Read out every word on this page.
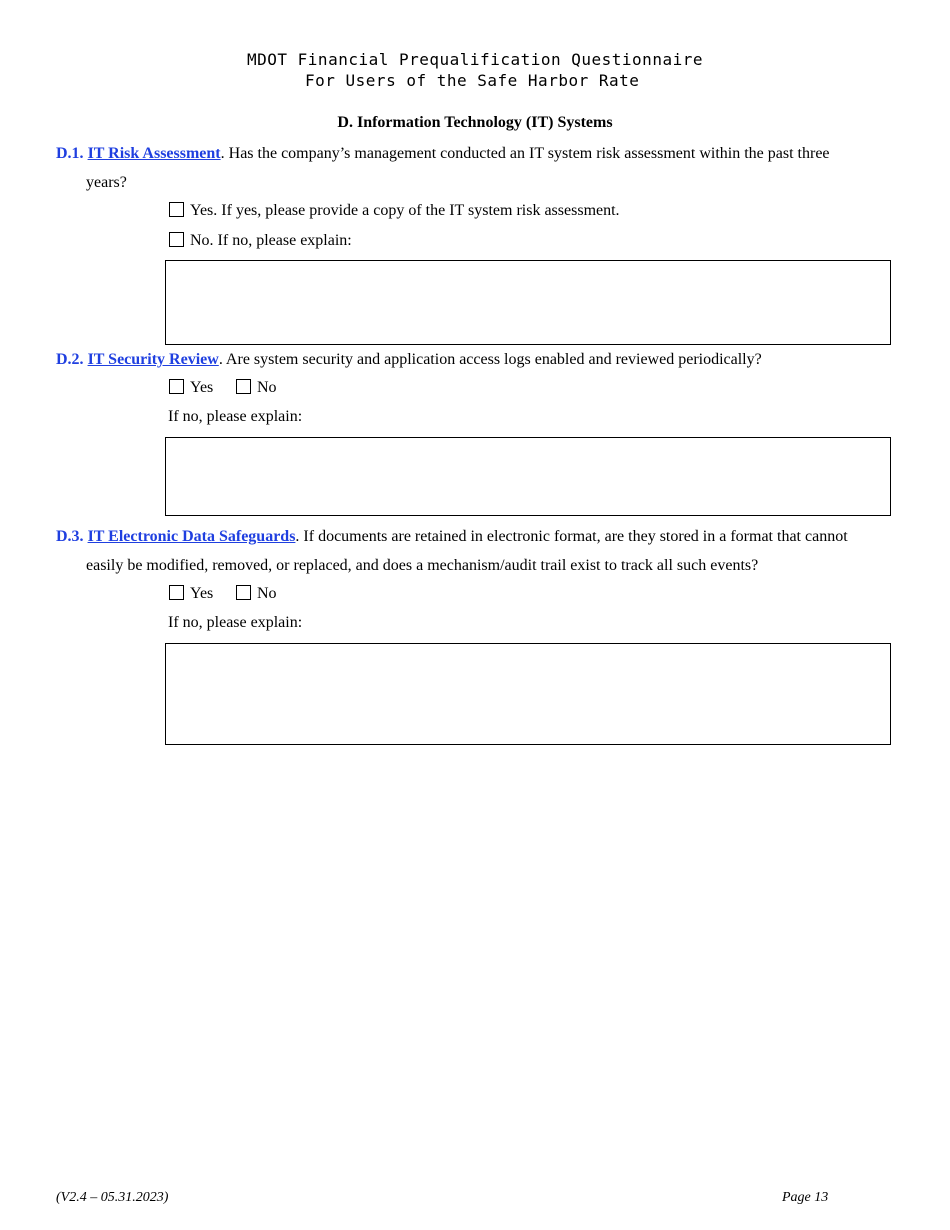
MDOT Financial Prequalification Questionnaire
For Users of the Safe Harbor Rate
D. Information Technology (IT) Systems
D.1. IT Risk Assessment. Has the company’s management conducted an IT system risk assessment within the past three
years?
Yes. If yes, please provide a copy of the IT system risk assessment.
No. If no, please explain:
D.2. IT Security Review. Are system security and application access logs enabled and reviewed periodically?
Yes	No
If no, please explain:
D.3. IT Electronic Data Safeguards. If documents are retained in electronic format, are they stored in a format that cannot
easily be modified, removed, or replaced, and does a mechanism/audit trail exist to track all such events?
Yes	No
If no, please explain:
(V2.4 – 05.31.2023)	Page 13
